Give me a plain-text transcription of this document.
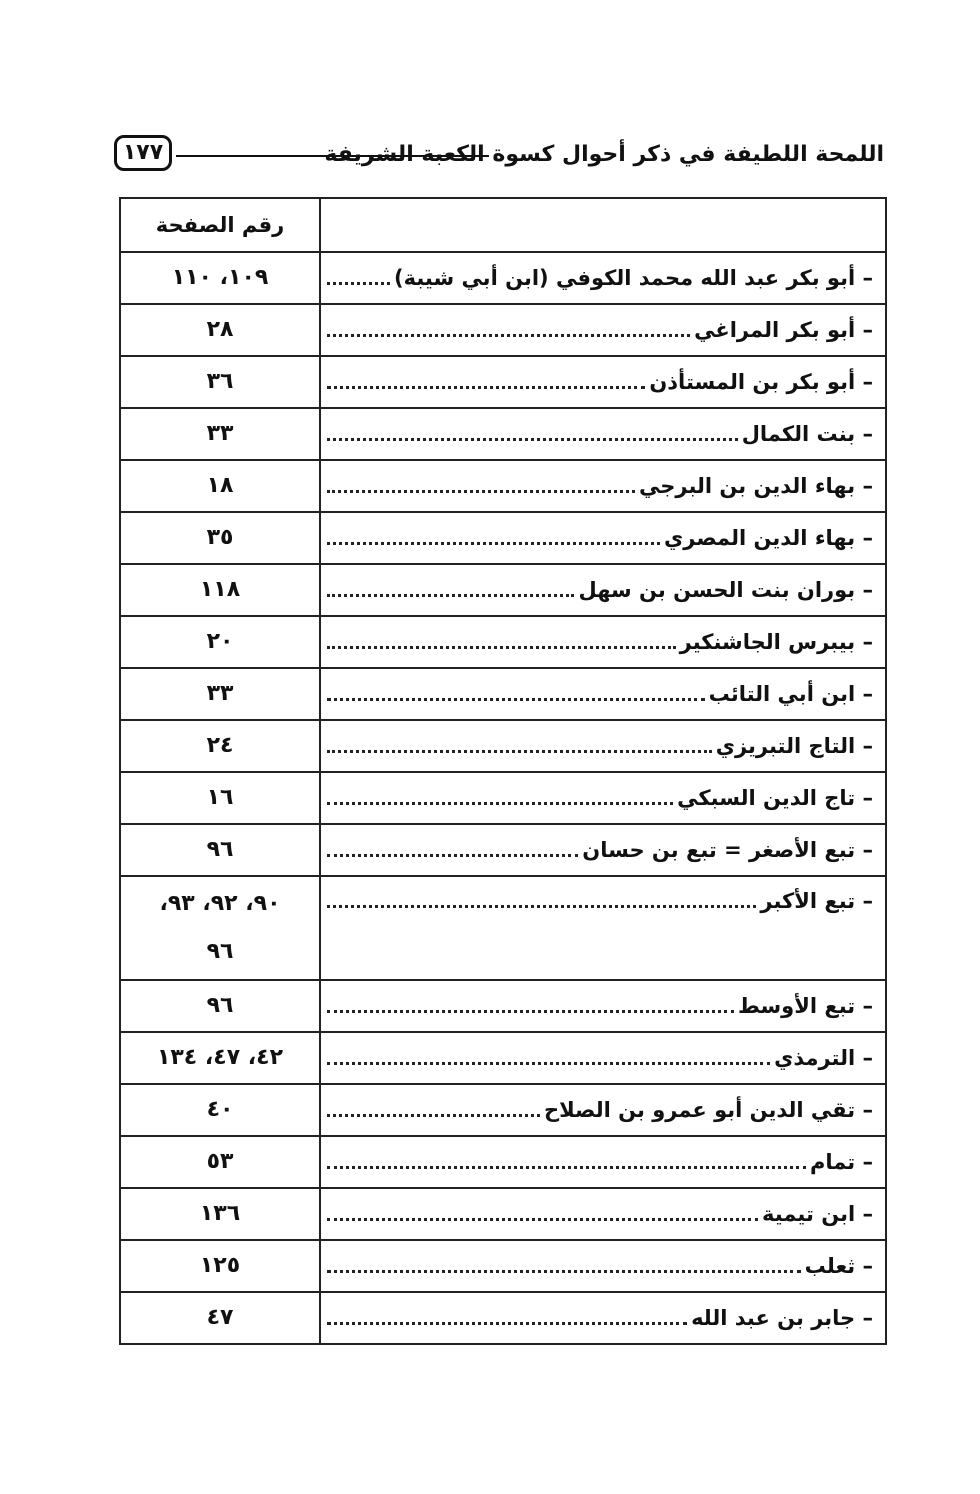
اللمحة اللطيفة في ذكر أحوال كسوة الكعبة الشريفة
١٧٧
	رقم الصفحة

– أبو بكر عبد الله محمد الكوفي (ابن أبي شيبة)	١٠٩، ١١٠

– أبو بكر المراغي	٢٨

– أبو بكر بن المستأذن	٣٦

– بنت الكمال	٣٣

– بهاء الدين بن البرجي	١٨

– بهاء الدين المصري	٣٥

– بوران بنت الحسن بن سهل	١١٨

– بيبرس الجاشنكير	٢٠

– ابن أبي التائب	٣٣

– التاج التبريزي	٢٤

– تاج الدين السبكي	١٦

– تبع الأصغر = تبع بن حسان	٩٦

– تبع الأكبر	٩٠، ٩٢، ٩٣،
٩٦

– تبع الأوسط	٩٦

– الترمذي	٤٢، ٤٧، ١٣٤

– تقي الدين أبو عمرو بن الصلاح	٤٠

– تمام	٥٣

– ابن تيمية	١٣٦

– ثعلب	١٢٥

– جابر بن عبد الله	٤٧
